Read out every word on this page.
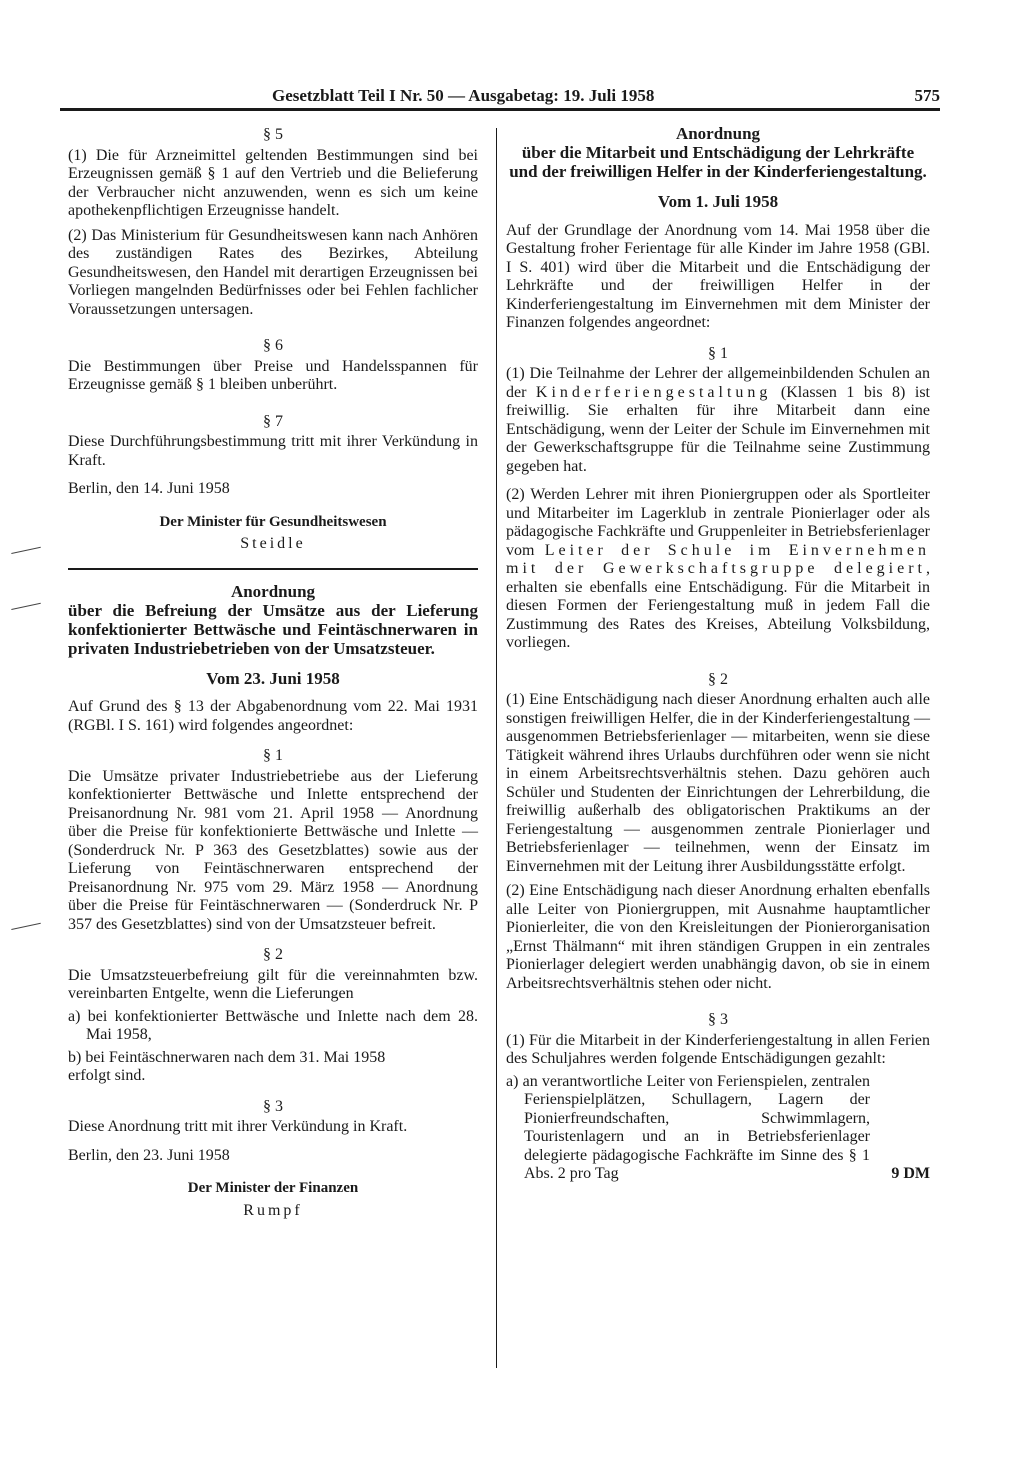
Gesetzblatt Teil I Nr. 50 — Ausgabetag: 19. Juli 1958	575
§ 5

(1) Die für Arzneimittel geltenden Bestimmungen sind bei Erzeugnissen gemäß § 1 auf den Vertrieb und die Belieferung der Verbraucher nicht anzuwenden, wenn es sich um keine apothekenpflichtigen Erzeugnisse handelt.

(2) Das Ministerium für Gesundheitswesen kann nach Anhören des zuständigen Rates des Bezirkes, Abteilung Gesundheitswesen, den Handel mit derartigen Erzeugnissen bei Vorliegen mangelnden Bedürfnisses oder bei Fehlen fachlicher Voraussetzungen untersagen.

§ 6

Die Bestimmungen über Preise und Handelsspannen für Erzeugnisse gemäß § 1 bleiben unberührt.

§ 7

Diese Durchführungsbestimmung tritt mit ihrer Verkündung in Kraft.

Berlin, den 14. Juni 1958

Der Minister für Gesundheitswesen
Steidle
Anordnung

über die Befreiung der Umsätze aus der Lieferung konfektionierter Bettwäsche und Feintäschnerwaren in privaten Industriebetrieben von der Umsatzsteuer.

Vom 23. Juni 1958

Auf Grund des § 13 der Abgabenordnung vom 22. Mai 1931 (RGBl. I S. 161) wird folgendes angeordnet:

§ 1

Die Umsätze privater Industriebetriebe aus der Lieferung konfektionierter Bettwäsche und Inlette entsprechend der Preisanordnung Nr. 981 vom 21. April 1958 — Anordnung über die Preise für konfektionierte Bettwäsche und Inlette — (Sonderdruck Nr. P 363 des Gesetzblattes) sowie aus der Lieferung von Feintäschnerwaren entsprechend der Preisanordnung Nr. 975 vom 29. März 1958 — Anordnung über die Preise für Feintäschnerwaren — (Sonderdruck Nr. P 357 des Gesetzblattes) sind von der Umsatzsteuer befreit.

§ 2

Die Umsatzsteuerbefreiung gilt für die vereinnahmten bzw. vereinbarten Entgelte, wenn die Lieferungen

a) bei konfektionierter Bettwäsche und Inlette nach dem 28. Mai 1958,

b) bei Feintäschnerwaren nach dem 31. Mai 1958

erfolgt sind.

§ 3

Diese Anordnung tritt mit ihrer Verkündung in Kraft.

Berlin, den 23. Juni 1958

Der Minister der Finanzen
Rumpf
Anordnung
über die Mitarbeit und Entschädigung der Lehrkräfte und der freiwilligen Helfer in der Kinderferiengestaltung.
Vom 1. Juli 1958

Auf der Grundlage der Anordnung vom 14. Mai 1958 über die Gestaltung froher Ferientage für alle Kinder im Jahre 1958 (GBl. I S. 401) wird über die Mitarbeit und die Entschädigung der Lehrkräfte und der freiwilligen Helfer in der Kinderferiengestaltung im Einvernehmen mit dem Minister der Finanzen folgendes angeordnet:

§ 1

(1) Die Teilnahme der Lehrer der allgemeinbildenden Schulen an der Kinderferiengestaltung (Klassen 1 bis 8) ist freiwillig. Sie erhalten für ihre Mitarbeit dann eine Entschädigung, wenn der Leiter der Schule im Einvernehmen mit der Gewerkschaftsgruppe für die Teilnahme seine Zustimmung gegeben hat.

(2) Werden Lehrer mit ihren Pioniergruppen oder als Sportleiter und Mitarbeiter im Lagerklub in zentrale Pionierlager oder als pädagogische Fachkräfte und Gruppenleiter in Betriebsferienlager vom Leiter der Schule im Einvernehmen mit der Gewerkschaftsgruppe delegiert, erhalten sie ebenfalls eine Entschädigung. Für die Mitarbeit in diesen Formen der Feriengestaltung muß in jedem Fall die Zustimmung des Rates des Kreises, Abteilung Volksbildung, vorliegen.

§ 2

(1) Eine Entschädigung nach dieser Anordnung erhalten auch alle sonstigen freiwilligen Helfer, die in der Kinderferiengestaltung — ausgenommen Betriebsferienlager — mitarbeiten, wenn sie diese Tätigkeit während ihres Urlaubs durchführen oder wenn sie nicht in einem Arbeitsrechtsverhältnis stehen. Dazu gehören auch Schüler und Studenten der Einrichtungen der Lehrerbildung, die freiwillig außerhalb des obligatorischen Praktikums an der Feriengestaltung — ausgenommen zentrale Pionierlager und Betriebsferienlager — teilnehmen, wenn der Einsatz im Einvernehmen mit der Leitung ihrer Ausbildungsstätte erfolgt.

(2) Eine Entschädigung nach dieser Anordnung erhalten ebenfalls alle Leiter von Pioniergruppen, mit Ausnahme hauptamtlicher Pionierleiter, die von den Kreisleitungen der Pionierorganisation „Ernst Thälmann“ mit ihren ständigen Gruppen in ein zentrales Pionierlager delegiert werden unabhängig davon, ob sie in einem Arbeitsrechtsverhältnis stehen oder nicht.

§ 3

(1) Für die Mitarbeit in der Kinderferiengestaltung in allen Ferien des Schuljahres werden folgende Entschädigungen gezahlt:

a) an verantwortliche Leiter von Ferienspielen, zentralen Ferienspielplätzen, Schullagern, Lagern der Pionierfreundschaften, Schwimmlagern, Touristenlagern und an in Betriebsferienlager delegierte pädagogische Fachkräfte im Sinne des § 1 Abs. 2 pro Tag	9 DM
